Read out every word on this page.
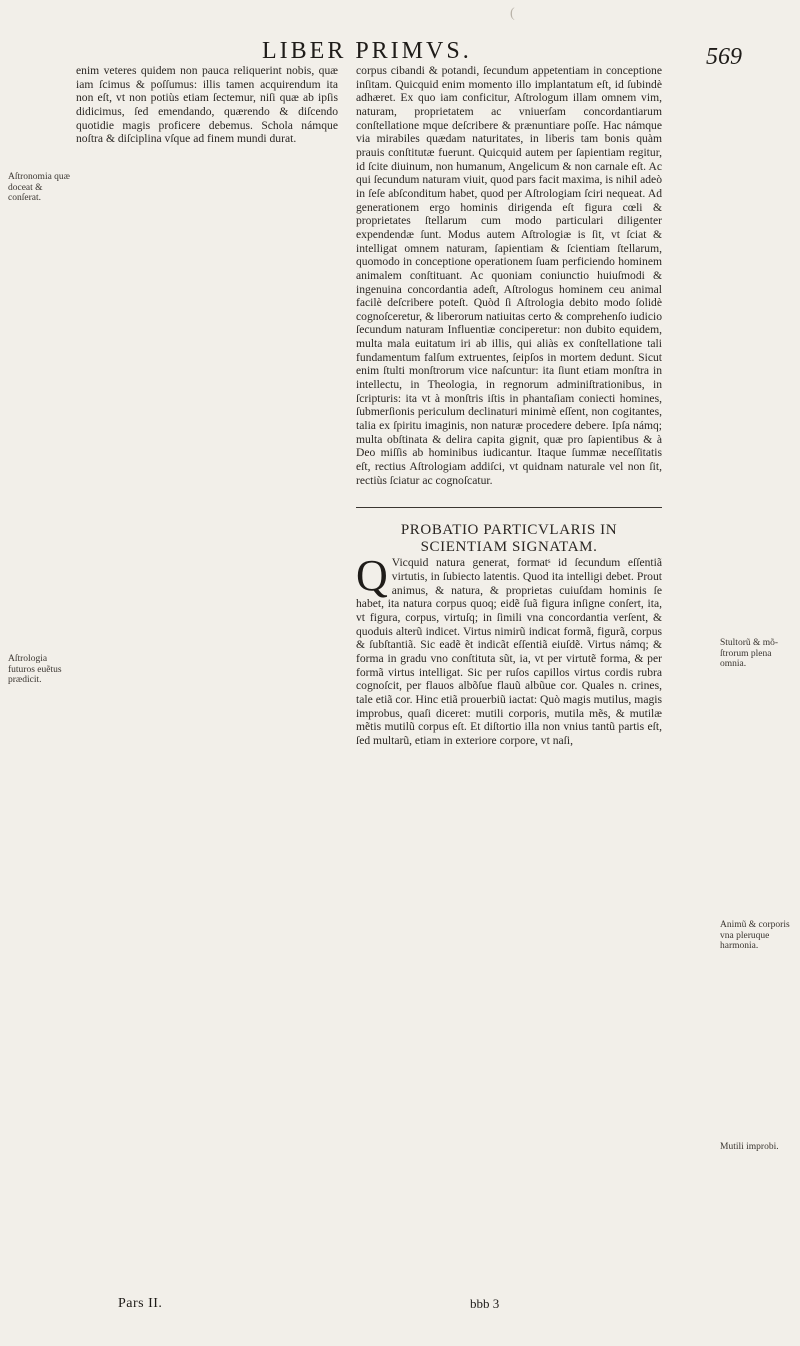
(
LIBER PRIMVS.	569
Aſtronomia quæ doceat & conſerat.
Aſtrologia futuros euẽtus prædicit.
Stultorũ & mõ-ſtrorum plena omnia.
Animũ & corporis vna pleruque harmonia.
Mutili improbi.

enim veteres quidem non pauca reliquerint nobis, quæ iam ſcimus & poſſumus: illis tamen acquirendum ita non eſt, vt non potiùs etiam ſectemur, niſi quæ ab ipſis didicimus, ſed emendando, quærendo & diſcendo quotidie magis proficere debemus. Schola námque noſtra & diſciplina vſque ad finem mundi durat.

corpus cibandi & potandi, ſecundum appetentiam in conceptione inſitam. Quicquid enim momento illo implantatum eſt, id ſubindè adhæret. Ex quo iam conficitur, Aſtrologum illam omnem vim, naturam, proprietatem ac vniuerſam concordantiarum conſtellatione mque deſcribere & prænuntiare poſſe. Hac námque via mirabiles quædam naturitates, in liberis tam bonis quàm prauis conſtitutæ fuerunt. Quicquid autem per ſapientiam regitur, id ſcite diuinum, non humanum, Angelicum & non carnale eſt. Ac qui ſecundum naturam viuit, quod pars facit maxima, is nihil adeò in ſeſe abſconditum habet, quod per Aſtrologiam ſciri nequeat. Ad generationem ergo hominis dirigenda eſt figura cœli & proprietates ſtellarum cum modo particulari diligenter expendendæ ſunt. Modus autem Aſtrologiæ is ſit, vt ſciat & intelligat omnem naturam, ſapientiam & ſcientiam ſtellarum, quomodo in conceptione operationem ſuam perficiendo hominem animalem conſtituant. Ac quoniam coniunctio huiuſmodi & ingenuina concordantia adeſt, Aſtrologus hominem ceu animal facilè deſcribere poteſt. Quòd ſi Aſtrologia debito modo ſolidè cognoſceretur, & liberorum natiuitas certo & comprehenſo iudicio ſecundum naturam Influentiæ conciperetur: non dubito equidem, multa mala euitatum iri ab illis, qui aliàs ex conſtellatione tali fundamentum falſum extruentes, ſeipſos in mortem dedunt. Sicut enim ſtulti monſtrorum vice naſcuntur: ita ſiunt etiam monſtra in intellectu, in Theologia, in regnorum adminiſtrationibus, in ſcripturis: ita vt à monſtris iſtis in phantaſiam coniecti homines, ſubmerſionis periculum declinaturi minimè eſſent, non cogitantes, talia ex ſpiritu imaginis, non naturæ procedere debere. Ipſa námq; multa obſtinata & delira capita gignit, quæ pro ſapientibus & à Deo miſſis ab hominibus iudicantur. Itaque ſummæ neceſſitatis eſt, rectius Aſtrologiam addiſci, vt quidnam naturale vel non ſit, rectiùs ſciatur ac cognoſcatur.

PROBATIO PARTICVLARIS IN SCIENTIAM SIGNATAM.

Q Vicquid natura generat, formatˢ id ſecundum eſſentiã virtutis, in ſubiecto latentis. Quod ita intelligi debet. Prout animus, & natura, & proprietas cuiuſdam hominis ſe habet, ita natura corpus quoq; eidẽ ſuã figura inſigne conſert, ita, vt figura, corpus, virtuſq; in ſimili vna concordantia verſent, & quoduis alterũ indicet. Virtus nimirũ indicat formã, figurã, corpus & ſubſtantiã. Sic eadẽ ẽt indicãt eſſentiã eiuſdẽ. Virtus námq; & forma in gradu vno conſtituta sũt, ia, vt per virtutẽ forma, & per formã virtus intelligat. Sic per ruſos capillos virtus cordis rubra cognoſcit, per flauos albõſue flauũ albũue cor. Quales n. crines, tale etiã cor. Hinc etiã prouerbiũ iactat: Quò magis mutilus, magis improbus, quaſi diceret: mutili corporis, mutila mẽs, & mutilæ mẽtis mutilũ corpus eſt. Et diſtortio illa non vnius tantũ partis eſt, ſed multarũ, etiam in exteriore corpore, vt naſi,

Pars II.	bbb 3
